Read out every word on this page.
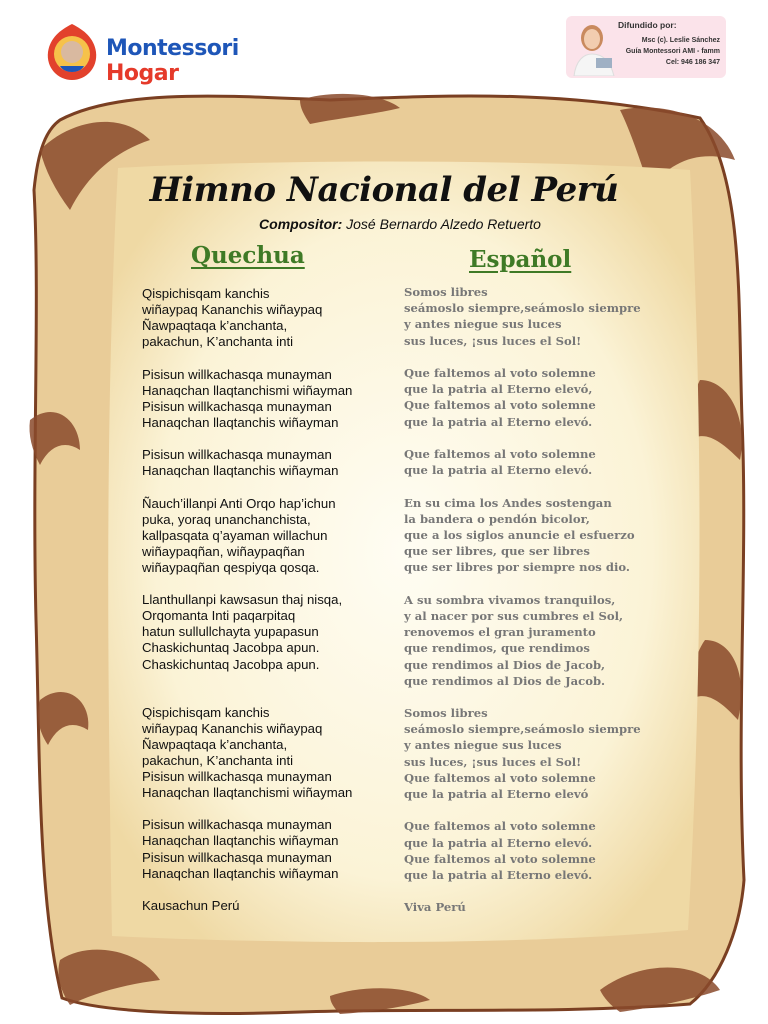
Montessori Hogar
Difundido por:
Msc (c). Leslie Sánchez
Guía Montessori AMI - famm
Cel: 946 186 347
Himno Nacional del Perú
Compositor: José Bernardo Alzedo Retuerto
Quechua	Español
Qispichisqam kanchis
wiñaypaq Kananchis wiñaypaq
Ñawpaqtaqa k’anchanta,
pakachun, K’anchanta inti
Pisisun willkachasqa munayman
Hanaqchan llaqtanchismi wiñayman
Pisisun willkachasqa munayman
Hanaqchan llaqtanchis wiñayman
Pisisun willkachasqa munayman
Hanaqchan llaqtanchis wiñayman
Ñauch’illanpi Anti Orqo hap’ichun
puka, yoraq unanchanchista,
kallpasqata q’ayaman willachun
wiñaypaqñan, wiñaypaqñan
wiñaypaqñan qespiyqa qosqa.
Llanthullanpi kawsasun thaj nisqa,
Orqomanta Inti paqarpitaq
hatun sullullchayta yupapasun
Chaskichuntaq Jacobpa apun.
Chaskichuntaq Jacobpa apun.
Qispichisqam kanchis
wiñaypaq Kananchis wiñaypaq
Ñawpaqtaqa k’anchanta,
pakachun, K’anchanta inti
Pisisun willkachasqa munayman
Hanaqchan llaqtanchismi wiñayman
Pisisun willkachasqa munayman
Hanaqchan llaqtanchis wiñayman
Pisisun willkachasqa munayman
Hanaqchan llaqtanchis wiñayman
Kausachun Perú
Somos libres
seámoslo siempre,seámoslo siempre
y antes niegue sus luces
sus luces, ¡sus luces el Sol!
Que faltemos al voto solemne
que la patria al Eterno elevó,
Que faltemos al voto solemne
que la patria al Eterno elevó.
Que faltemos al voto solemne
que la patria al Eterno elevó.
En su cima los Andes sostengan
la bandera o pendón bicolor,
que a los siglos anuncie el esfuerzo
que ser libres, que ser libres
que ser libres por siempre nos dio.
A su sombra vivamos tranquilos,
y al nacer por sus cumbres el Sol,
renovemos el gran juramento
que rendimos, que rendimos
que rendimos al Dios de Jacob,
que rendimos al Dios de Jacob.
Somos libres
seámoslo siempre,seámoslo siempre
y antes niegue sus luces
sus luces, ¡sus luces el Sol!
Que faltemos al voto solemne
que la patria al Eterno elevó
Que faltemos al voto solemne
que la patria al Eterno elevó.
Que faltemos al voto solemne
que la patria al Eterno elevó.
Viva Perú
